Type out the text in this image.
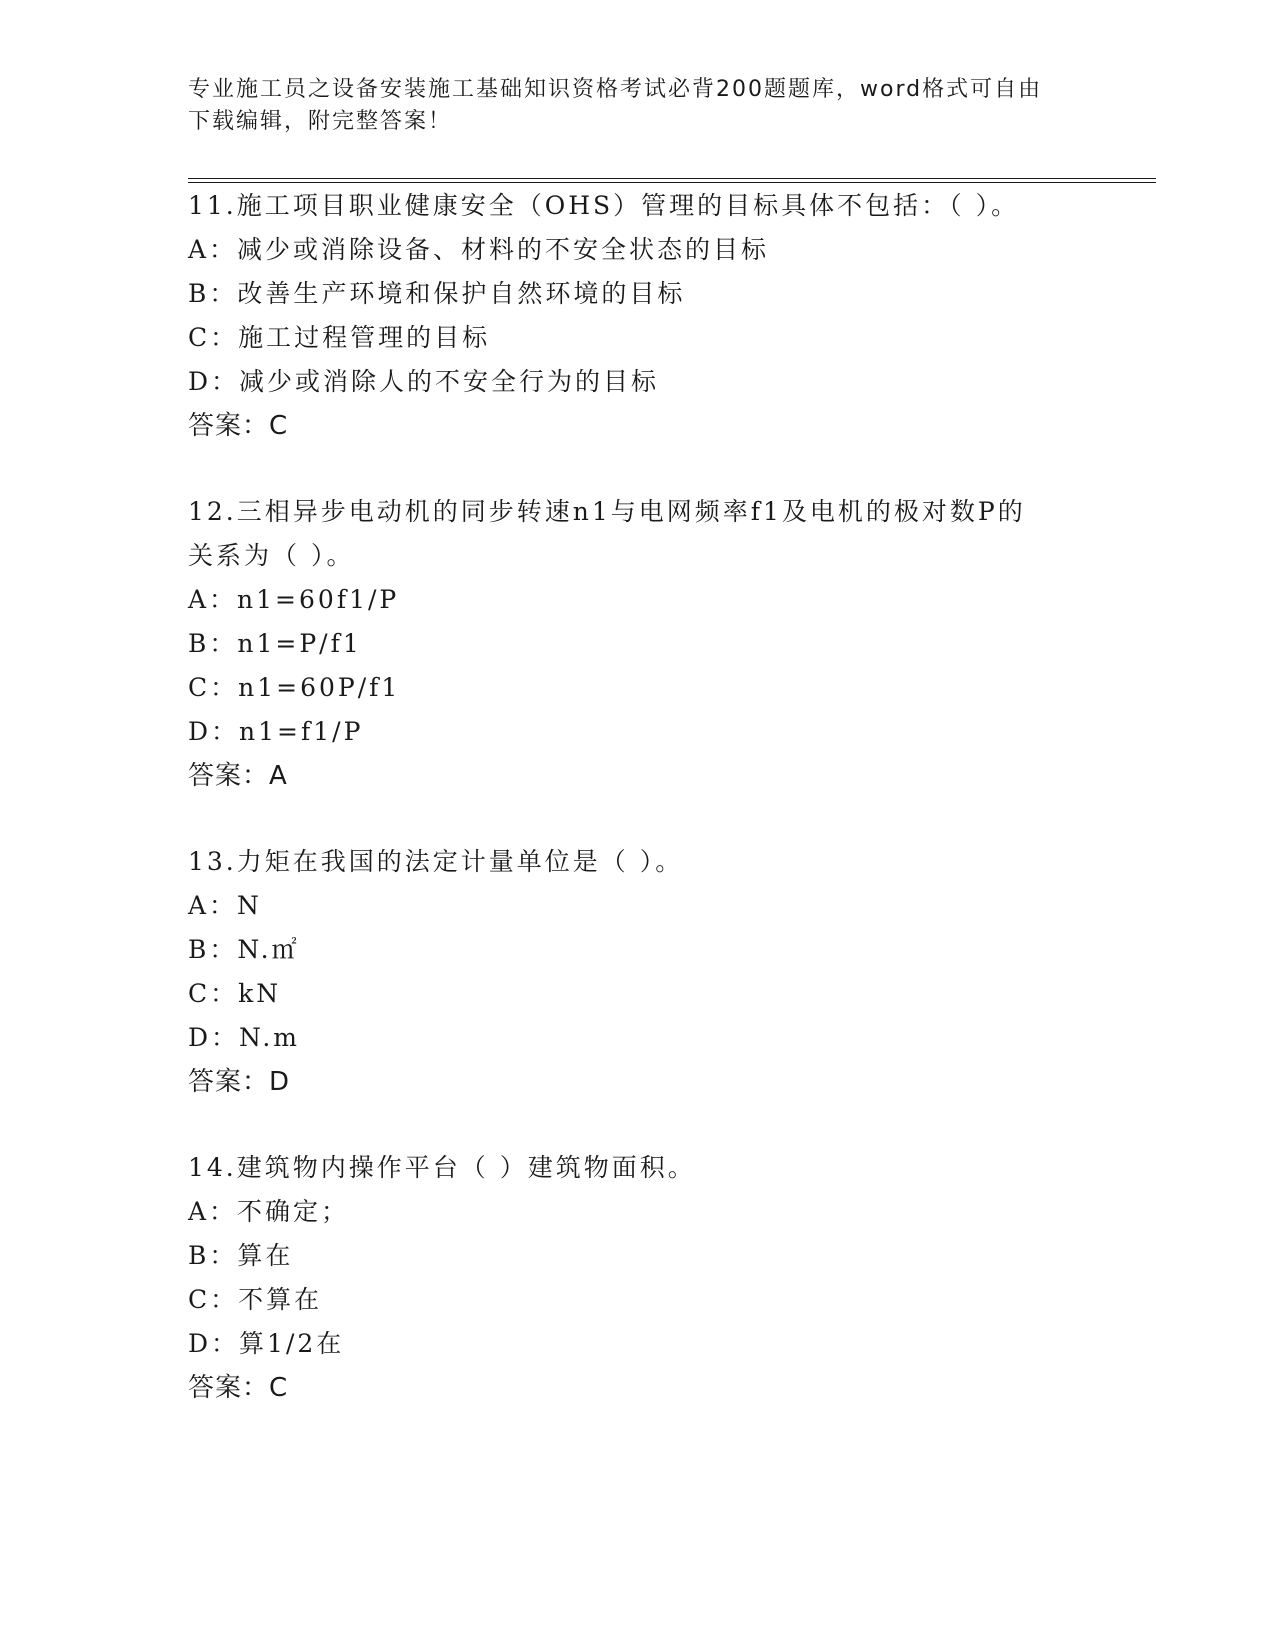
专业施工员之设备安装施工基础知识资格考试必背200题题库，word格式可自由
下载编辑，附完整答案！
11.施工项目职业健康安全（OHS）管理的目标具体不包括：（ ）。
A：减少或消除设备、材料的不安全状态的目标
B：改善生产环境和保护自然环境的目标
C：施工过程管理的目标
D：减少或消除人的不安全行为的目标
答案：C
12.三相异步电动机的同步转速n1与电网频率f1及电机的极对数P的
关系为（ ）。
A：n1=60f1/P
B：n1=P/f1
C：n1=60P/f1
D：n1=f1/P
答案：A
13.力矩在我国的法定计量单位是（ ）。
A：N
B：N.㎡
C：kN
D：N.m
答案：D
14.建筑物内操作平台（ ）建筑物面积。
A：不确定；
B：算在
C：不算在
D：算1/2在
答案：C
